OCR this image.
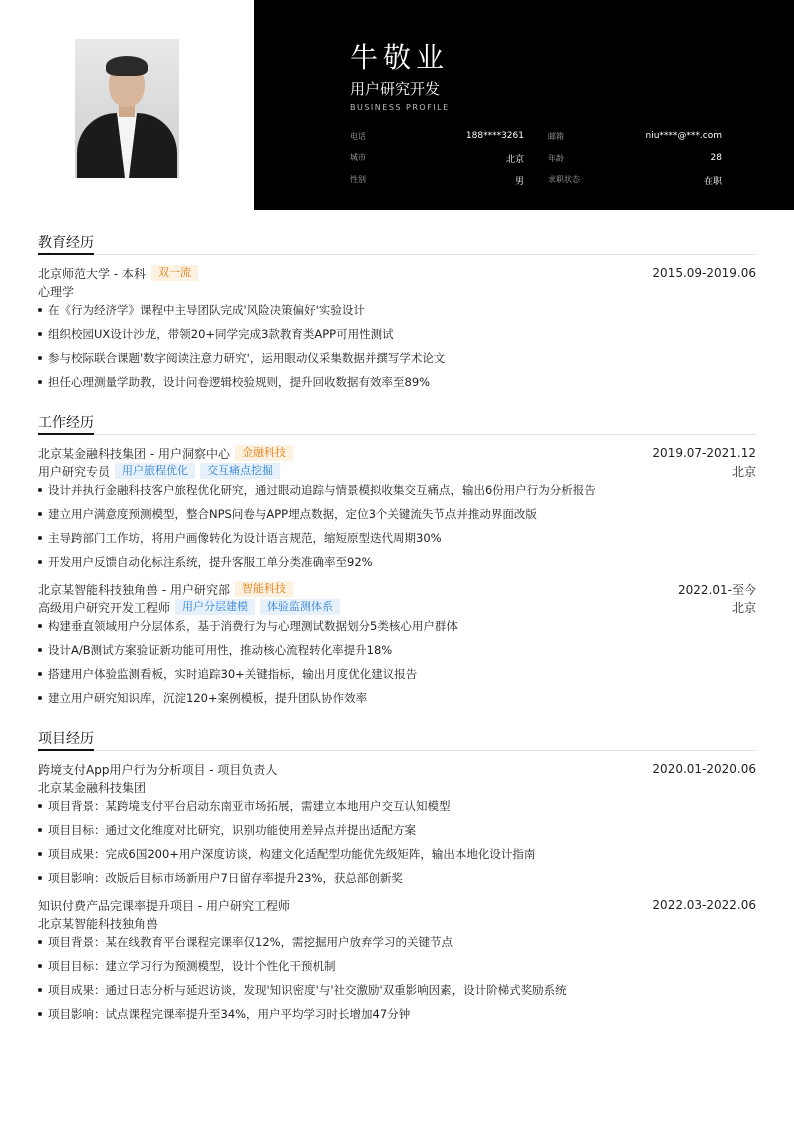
牛敬业
用户研究开发
BUSINESS PROFILE
电话	188****3261	邮箱	niu****@***.com
城市	北京	年龄	28
性别	男	求职状态	在职
教育经历
北京师范大学 - 本科	双一流	2015.09-2019.06
心理学
在《行为经济学》课程中主导团队完成'风险决策偏好'实验设计
组织校园UX设计沙龙，带领20+同学完成3款教育类APP可用性测试
参与校际联合课题'数字阅读注意力研究'，运用眼动仪采集数据并撰写学术论文
担任心理测量学助教，设计问卷逻辑校验规则，提升回收数据有效率至89%
工作经历
北京某金融科技集团 - 用户洞察中心	金融科技	2019.07-2021.12
用户研究专员	用户旅程优化	交互痛点挖掘	北京
设计并执行金融科技客户旅程优化研究，通过眼动追踪与情景模拟收集交互痛点，输出6份用户行为分析报告
建立用户满意度预测模型，整合NPS问卷与APP埋点数据，定位3个关键流失节点并推动界面改版
主导跨部门工作坊，将用户画像转化为设计语言规范，缩短原型迭代周期30%
开发用户反馈自动化标注系统，提升客服工单分类准确率至92%
北京某智能科技独角兽 - 用户研究部	智能科技	2022.01-至今
高级用户研究开发工程师	用户分层建模	体验监测体系	北京
构建垂直领域用户分层体系，基于消费行为与心理测试数据划分5类核心用户群体
设计A/B测试方案验证新功能可用性，推动核心流程转化率提升18%
搭建用户体验监测看板，实时追踪30+关键指标，输出月度优化建议报告
建立用户研究知识库，沉淀120+案例模板，提升团队协作效率
项目经历
跨境支付App用户行为分析项目 - 项目负责人	2020.01-2020.06
北京某金融科技集团
项目背景：某跨境支付平台启动东南亚市场拓展，需建立本地用户交互认知模型
项目目标：通过文化维度对比研究，识别功能使用差异点并提出适配方案
项目成果：完成6国200+用户深度访谈，构建文化适配型功能优先级矩阵，输出本地化设计指南
项目影响：改版后目标市场新用户7日留存率提升23%，获总部创新奖
知识付费产品完课率提升项目 - 用户研究工程师	2022.03-2022.06
北京某智能科技独角兽
项目背景：某在线教育平台课程完课率仅12%，需挖掘用户放弃学习的关键节点
项目目标：建立学习行为预测模型，设计个性化干预机制
项目成果：通过日志分析与延迟访谈，发现'知识密度'与'社交激励'双重影响因素，设计阶梯式奖励系统
项目影响：试点课程完课率提升至34%，用户平均学习时长增加47分钟
